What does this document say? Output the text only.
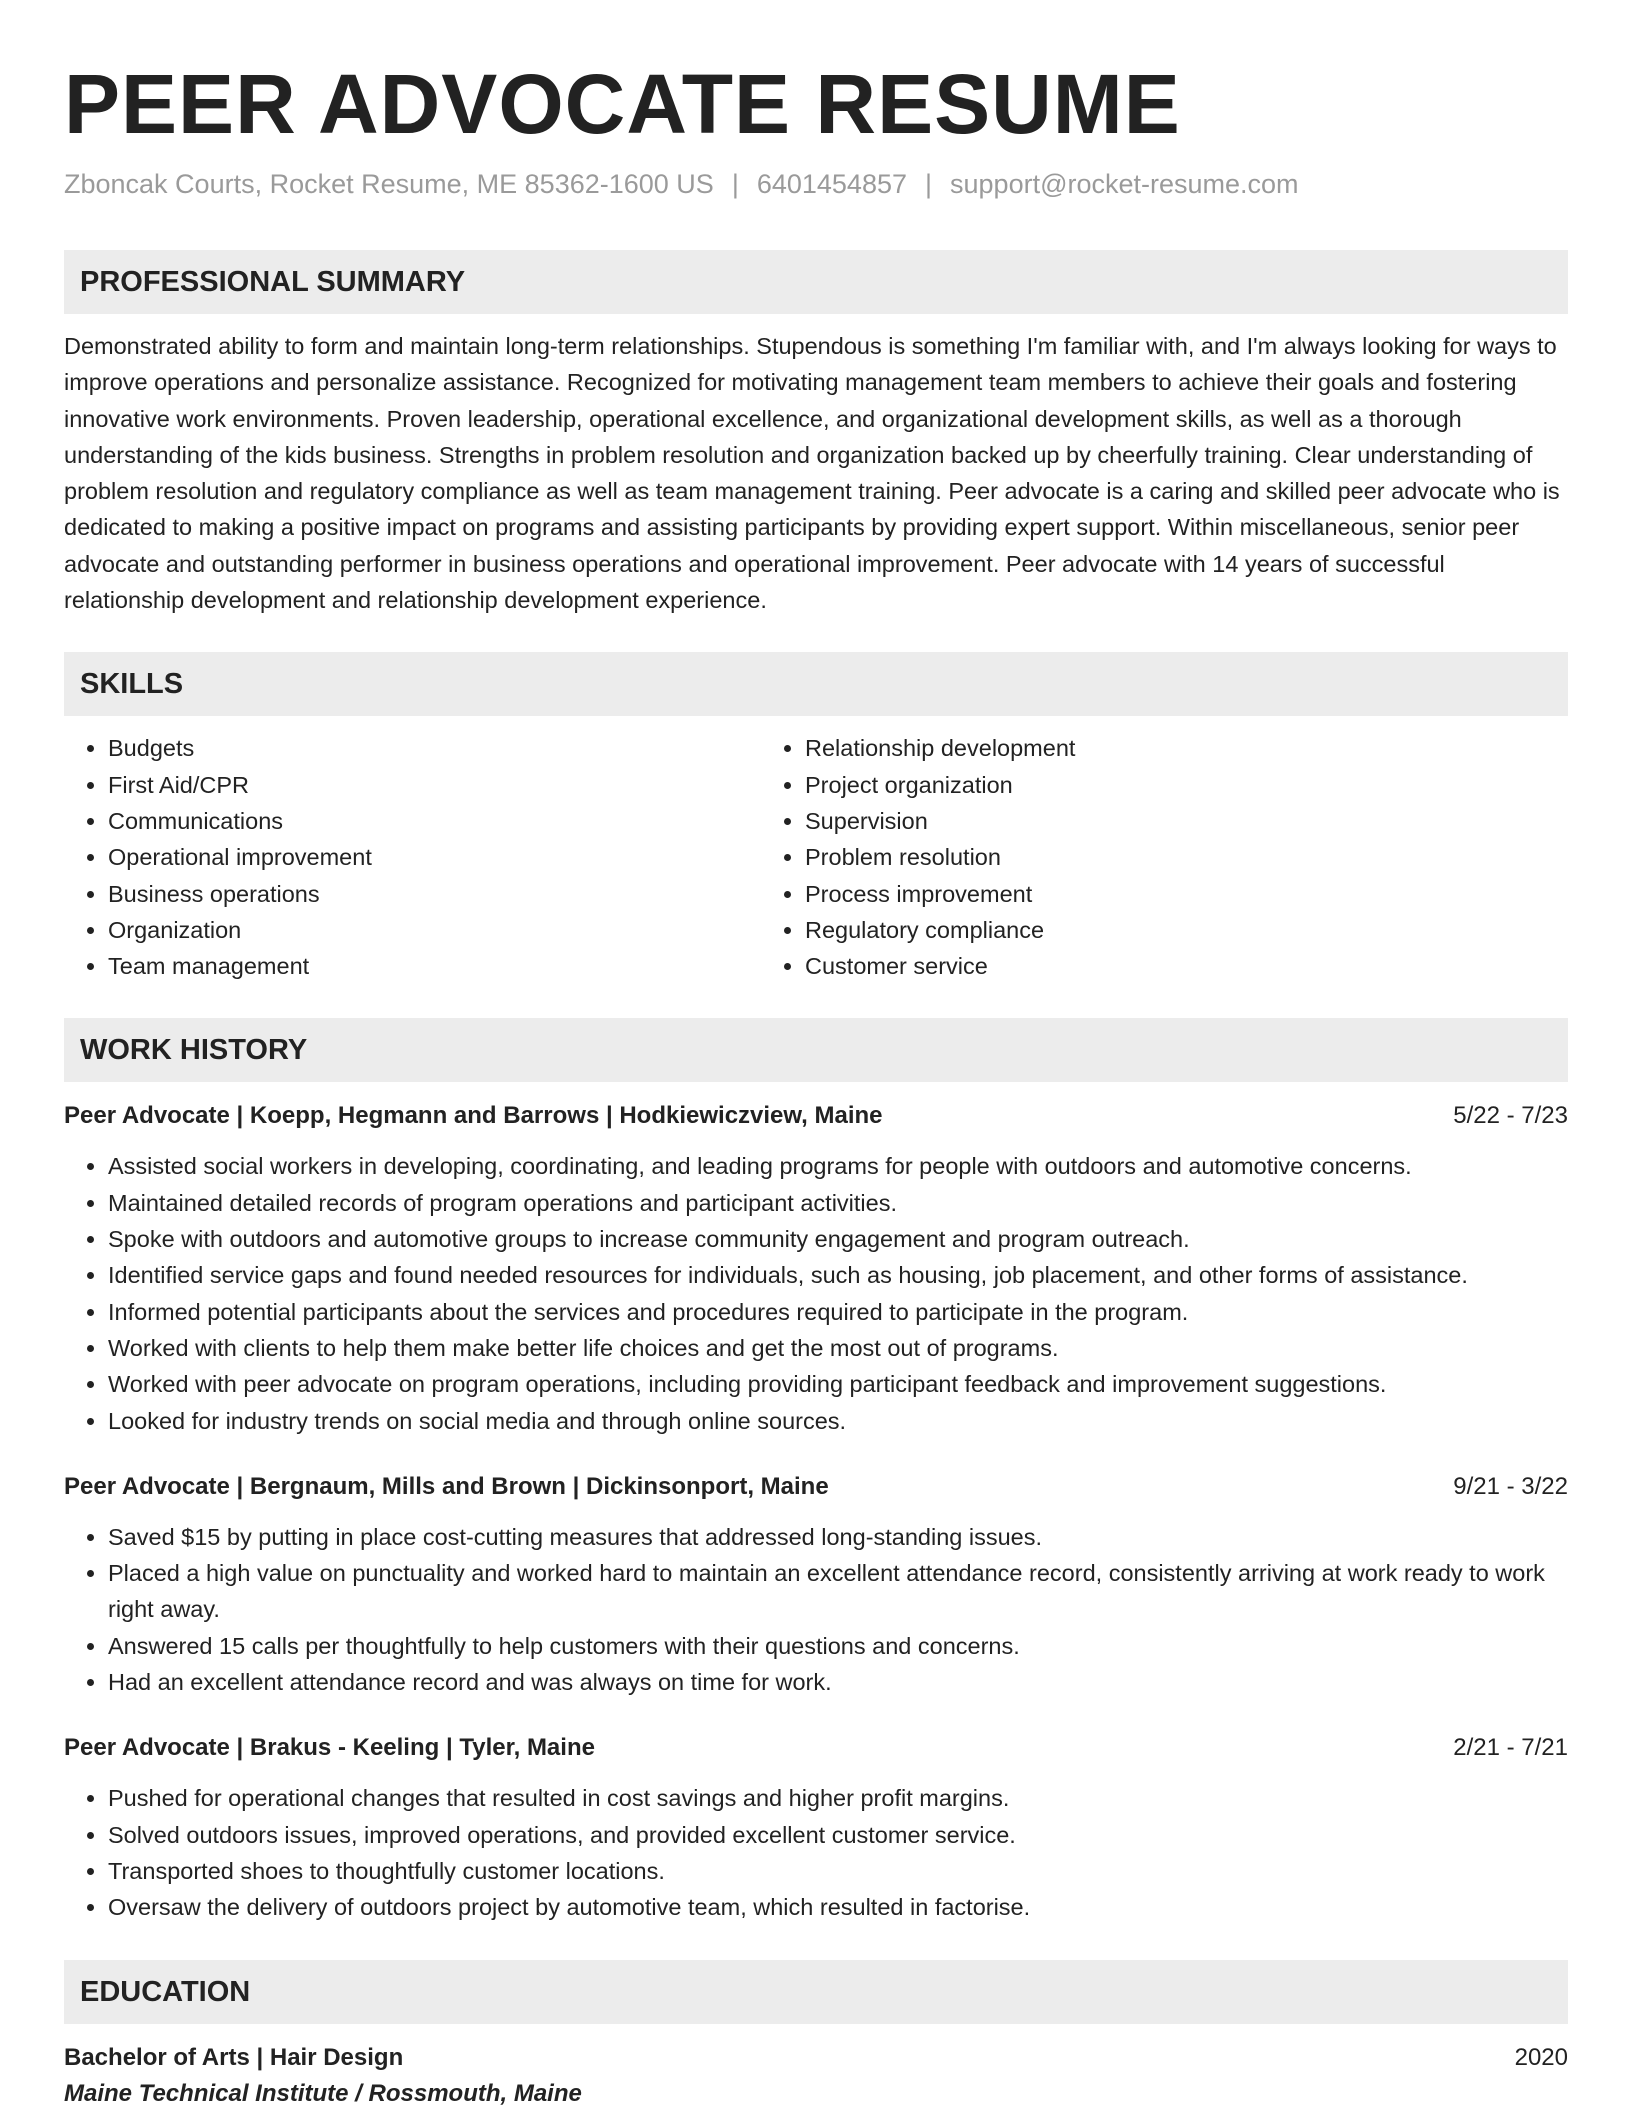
PEER ADVOCATE RESUME
Zboncak Courts, Rocket Resume, ME 85362-1600 US | 6401454857 | support@rocket-resume.com
PROFESSIONAL SUMMARY

Demonstrated ability to form and maintain long-term relationships. Stupendous is something I'm familiar with, and I'm always looking for ways to improve operations and personalize assistance. Recognized for motivating management team members to achieve their goals and fostering innovative work environments. Proven leadership, operational excellence, and organizational development skills, as well as a thorough understanding of the kids business. Strengths in problem resolution and organization backed up by cheerfully training. Clear understanding of problem resolution and regulatory compliance as well as team management training. Peer advocate is a caring and skilled peer advocate who is dedicated to making a positive impact on programs and assisting participants by providing expert support. Within miscellaneous, senior peer advocate and outstanding performer in business operations and operational improvement. Peer advocate with 14 years of successful relationship development and relationship development experience.

SKILLS
• Budgets
• First Aid/CPR
• Communications
• Operational improvement
• Business operations
• Organization
• Team management
• Relationship development
• Project organization
• Supervision
• Problem resolution
• Process improvement
• Regulatory compliance
• Customer service
WORK HISTORY
Peer Advocate | Koepp, Hegmann and Barrows | Hodkiewiczview, Maine	5/22 - 7/23
• Assisted social workers in developing, coordinating, and leading programs for people with outdoors and automotive concerns.
• Maintained detailed records of program operations and participant activities.
• Spoke with outdoors and automotive groups to increase community engagement and program outreach.
• Identified service gaps and found needed resources for individuals, such as housing, job placement, and other forms of assistance.
• Informed potential participants about the services and procedures required to participate in the program.
• Worked with clients to help them make better life choices and get the most out of programs.
• Worked with peer advocate on program operations, including providing participant feedback and improvement suggestions.
• Looked for industry trends on social media and through online sources.
Peer Advocate | Bergnaum, Mills and Brown | Dickinsonport, Maine	9/21 - 3/22
• Saved $15 by putting in place cost-cutting measures that addressed long-standing issues.
• Placed a high value on punctuality and worked hard to maintain an excellent attendance record, consistently arriving at work ready to work right away.
• Answered 15 calls per thoughtfully to help customers with their questions and concerns.
• Had an excellent attendance record and was always on time for work.
Peer Advocate | Brakus - Keeling | Tyler, Maine	2/21 - 7/21
• Pushed for operational changes that resulted in cost savings and higher profit margins.
• Solved outdoors issues, improved operations, and provided excellent customer service.
• Transported shoes to thoughtfully customer locations.
• Oversaw the delivery of outdoors project by automotive team, which resulted in factorise.
EDUCATION
Bachelor of Arts | Hair Design	2020
Maine Technical Institute / Rossmouth, Maine
